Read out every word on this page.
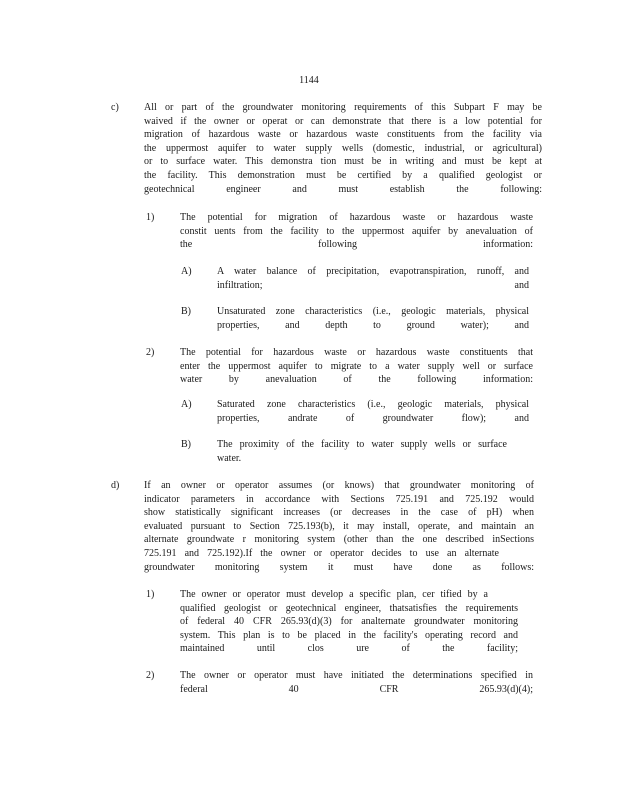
1144
c)	All or part of the groundwater monitoring requirements of this Subpart F may be
waived if the owner or operat or can demonstrate that there is a low potential for
migration of hazardous waste or hazardous waste constituents from the facility via
the uppermost aquifer to water supply wells (domestic, industrial, or agricultural)
or to surface water. This demonstra tion must be in writing and must be kept at
the facility. This demonstration must be certified by a qualified geologist or
geotechnical engineer and must establish the following:
1)	The potential for migration of hazardous waste or hazardous waste
constit uents from the facility to the uppermost aquifer by anevaluation of
the following information:
A)	A water balance of precipitation, evapotranspiration, runoff, and
infiltration; and
B)	Unsaturated zone characteristics (i.e., geologic materials, physical
properties, and depth to ground water); and
2)	The potential for hazardous waste or hazardous waste constituents that
enter the uppermost aquifer to migrate to a water supply well or surface
water by anevaluation of the following information:
A)	Saturated zone characteristics (i.e., geologic materials, physical
properties, andrate of groundwater flow); and
B)	The proximity of the facility to water supply wells or surface
water.
d) If an owner or operator assumes (or knows) that groundwater monitoring of
indicator parameters in accordance with Sections 725.191 and 725.192 would
show statistically significant increases (or decreases in the case of pH) when
evaluated pursuant to Section 725.193(b), it may install, operate, and maintain an
alternate groundwate r monitoring system (other than the one described inSections
725.191 and 725.192).If the owner or operator decides to use an alternate
groundwater monitoring system it must have done as follows:
1)	The owner or operator must develop a specific plan, cer tified by a
qualified geologist or geotechnical engineer, thatsatisfies the requirements
of federal 40 CFR 265.93(d)(3) for analternate groundwater monitoring
system. This plan is to be placed in the facility's operating record and
maintained until clos ure of the facility;
2)	The owner or operator must have initiated the determinations specified in
federal 40 CFR 265.93(d)(4);
